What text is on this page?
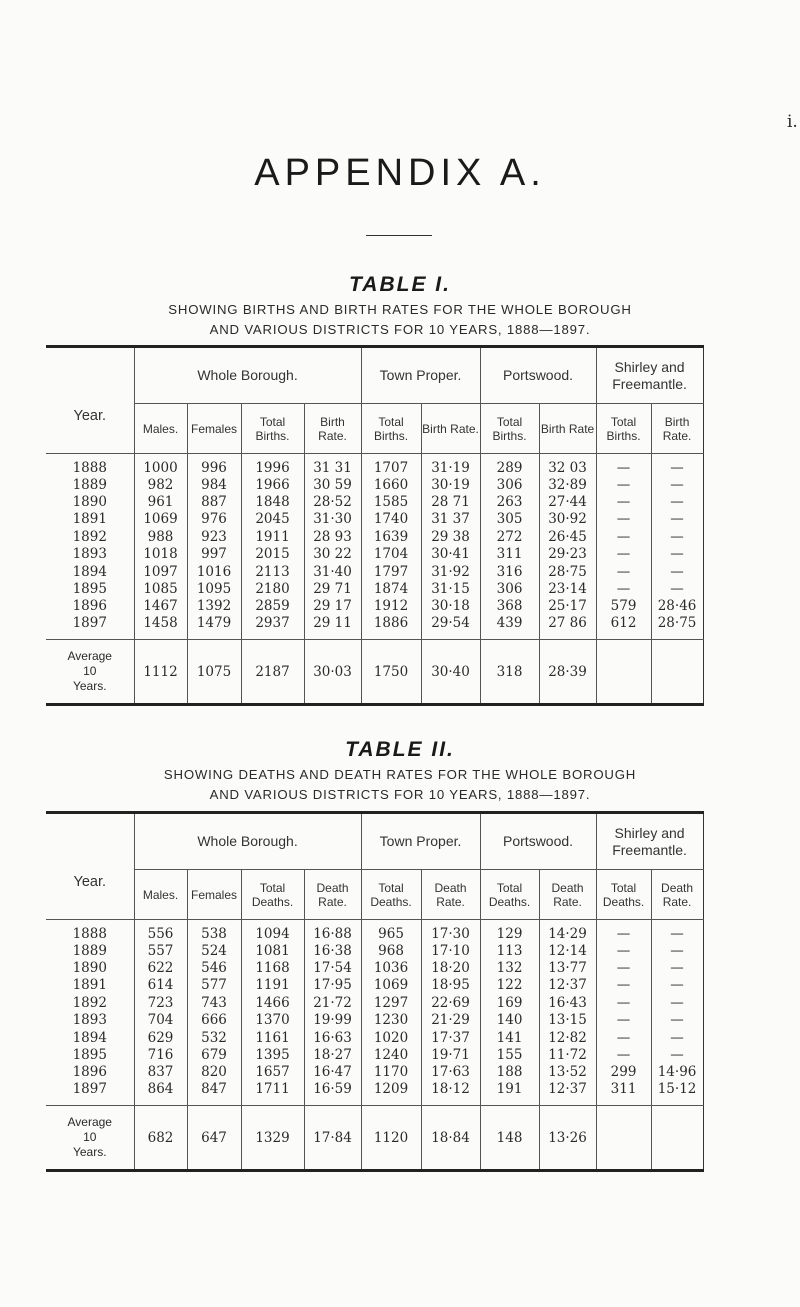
i.
APPENDIX A.
TABLE I.
SHOWING BIRTHS AND BIRTH RATES FOR THE WHOLE BOROUGH
AND VARIOUS DISTRICTS FOR 10 YEARS, 1888—1897.
Year.	Whole Borough.				Town Proper.		Portswood.		Shirley and Freemantle.	
	Males.	Females	Total Births.	Birth Rate.	Total Births.	Birth Rate.	Total Births.	Birth Rate	Total Births.	Birth Rate.
1888	1000	996	1996	31 31	1707	31·19	289	32 03	—	—
1889	982	984	1966	30 59	1660	30·19	306	32·89	—	—
1890	961	887	1848	28·52	1585	28 71	263	27·44	—	—
1891	1069	976	2045	31·30	1740	31 37	305	30·92	—	—
1892	988	923	1911	28 93	1639	29 38	272	26·45	—	—
1893	1018	997	2015	30 22	1704	30·41	311	29·23	—	—
1894	1097	1016	2113	31·40	1797	31·92	316	28·75	—	—
1895	1085	1095	2180	29 71	1874	31·15	306	23·14	—	—
1896	1467	1392	2859	29 17	1912	30·18	368	25·17	579	28·46
1897	1458	1479	2937	29 11	1886	29·54	439	27 86	612	28·75

Average
10
Years.	1112	1075	2187	30·03	1750	30·40	318	28·39		
TABLE II.
SHOWING DEATHS AND DEATH RATES FOR THE WHOLE BOROUGH
AND VARIOUS DISTRICTS FOR 10 YEARS, 1888—1897.
Year.	Whole Borough.				Town Proper.		Portswood.		Shirley and Freemantle.	
	Males.	Females	Total Deaths.	Death Rate.	Total Deaths.	Death Rate.	Total Deaths.	Death Rate.	Total Deaths.	Death Rate.
1888	556	538	1094	16·88	965	17·30	129	14·29	—	—
1889	557	524	1081	16·38	968	17·10	113	12·14	—	—
1890	622	546	1168	17·54	1036	18·20	132	13·77	—	—
1891	614	577	1191	17·95	1069	18·95	122	12·37	—	—
1892	723	743	1466	21·72	1297	22·69	169	16·43	—	—
1893	704	666	1370	19·99	1230	21·29	140	13·15	—	—
1894	629	532	1161	16·63	1020	17·37	141	12·82	—	—
1895	716	679	1395	18·27	1240	19·71	155	11·72	—	—
1896	837	820	1657	16·47	1170	17·63	188	13·52	299	14·96
1897	864	847	1711	16·59	1209	18·12	191	12·37	311	15·12

Average
10
Years.	682	647	1329	17·84	1120	18·84	148	13·26		
